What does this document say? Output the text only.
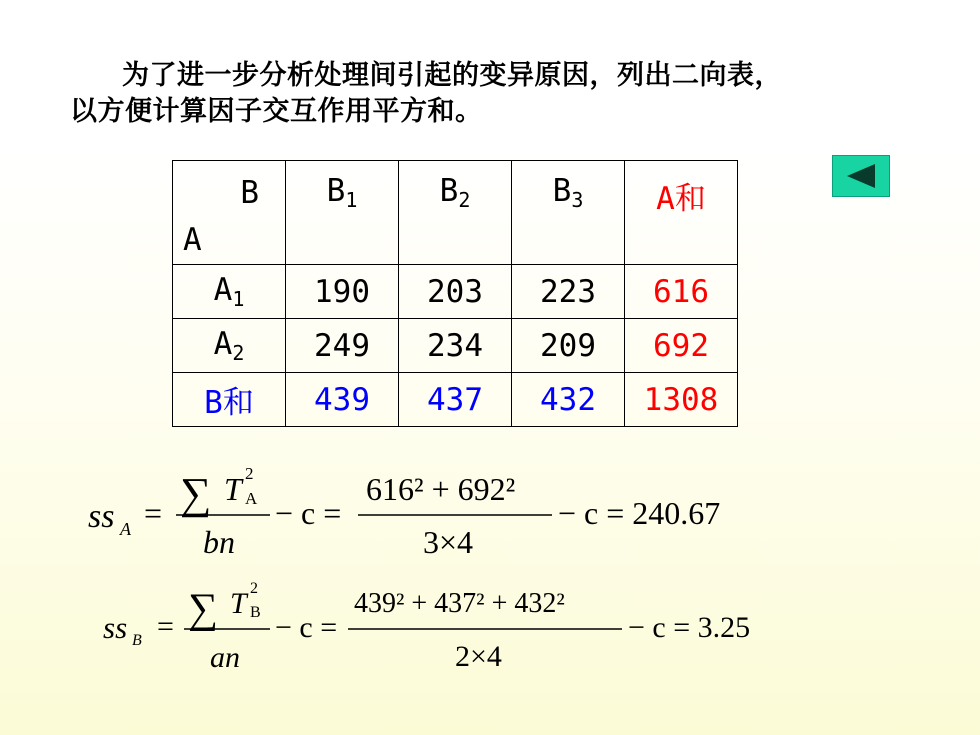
为了进一步分析处理间引起的变异原因，列出二向表，
以方便计算因子交互作用平方和。
B
A	$B_1$	$B_2$	$B_3$	A和
$A_1$	190	203	223	616
$A_2$	249	234	209	692
B和	439	437	432	1308
ss A = ∑ T 2
A
bn
− c =
616² + 692²
3×4
− c = 240.67
ss B = ∑ T 2
B
an
− c =
439² + 437² + 432²
2×4
− c = 3.25
